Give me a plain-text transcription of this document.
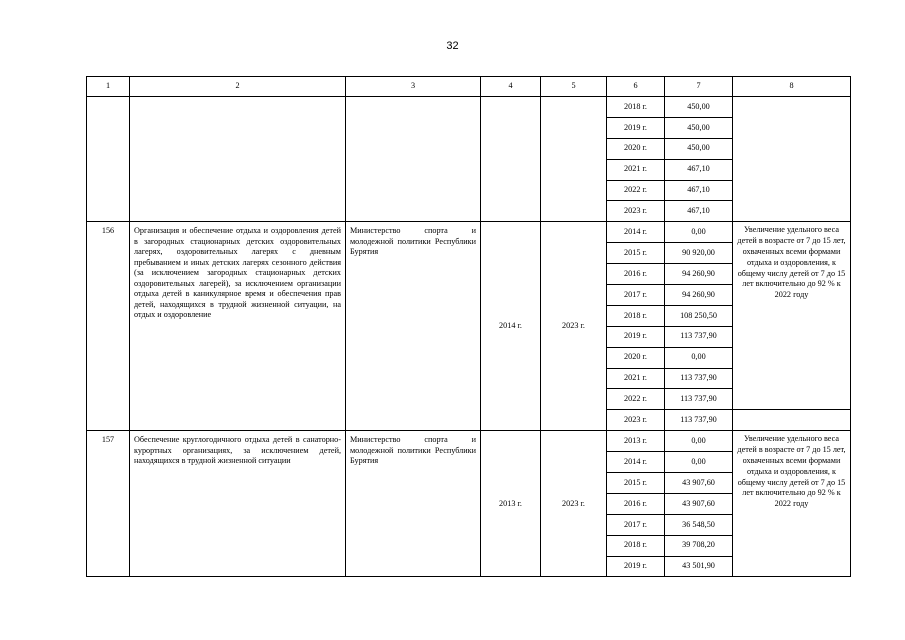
32
1	2	3	4	5	6	7	8
					2018 г.	450,00	
					2019 г.	450,00	
					2020 г.	450,00	
					2021 г.	467,10	
					2022 г.	467,10	
					2023 г.	467,10	
156	Организация и обеспечение отдыха и оздоровления детей в загородных стационарных детских оздоровительных лагерях, оздоровительных лагерях с дневным пребыванием и иных детских лагерях сезонного действия (за исключением загородных стационарных детских оздоровительных лагерей), за исключением организации отдыха детей в каникулярное время и обеспечения прав детей, находящихся в трудной жизненной ситуации, на отдых и оздоровление	Министерство спорта и молодежной политики Республики Бурятия	2014 г.	2023 г.	2014 г.	0,00	Увеличение удельного веса детей в возрасте от 7 до 15 лет, охваченных всеми формами отдыха и оздоровления, к общему числу детей от 7 до 15 лет включительно до 92 % к 2022 году
					2015 г.	90 920,00	
					2016 г.	94 260,90	
					2017 г.	94 260,90	
					2018 г.	108 250,50	
					2019 г.	113 737,90	
					2020 г.	0,00	
					2021 г.	113 737,90	
					2022 г.	113 737,90	
					2023 г.	113 737,90	
157	Обеспечение круглогодичного отдыха детей в санаторно-курортных организациях, за исключением детей, находящихся в трудной жизненной ситуации	Министерство спорта и молодежной политики Республики Бурятия	2013 г.	2023 г.	2013 г.	0,00	Увеличение удельного веса детей в возрасте от 7 до 15 лет, охваченных всеми формами отдыха и оздоровления, к общему числу детей от 7 до 15 лет включительно до 92 % к 2022 году
					2014 г.	0,00	
					2015 г.	43 907,60	
					2016 г.	43 907,60	
					2017 г.	36 548,50	
					2018 г.	39 708,20	
					2019 г.	43 501,90	
